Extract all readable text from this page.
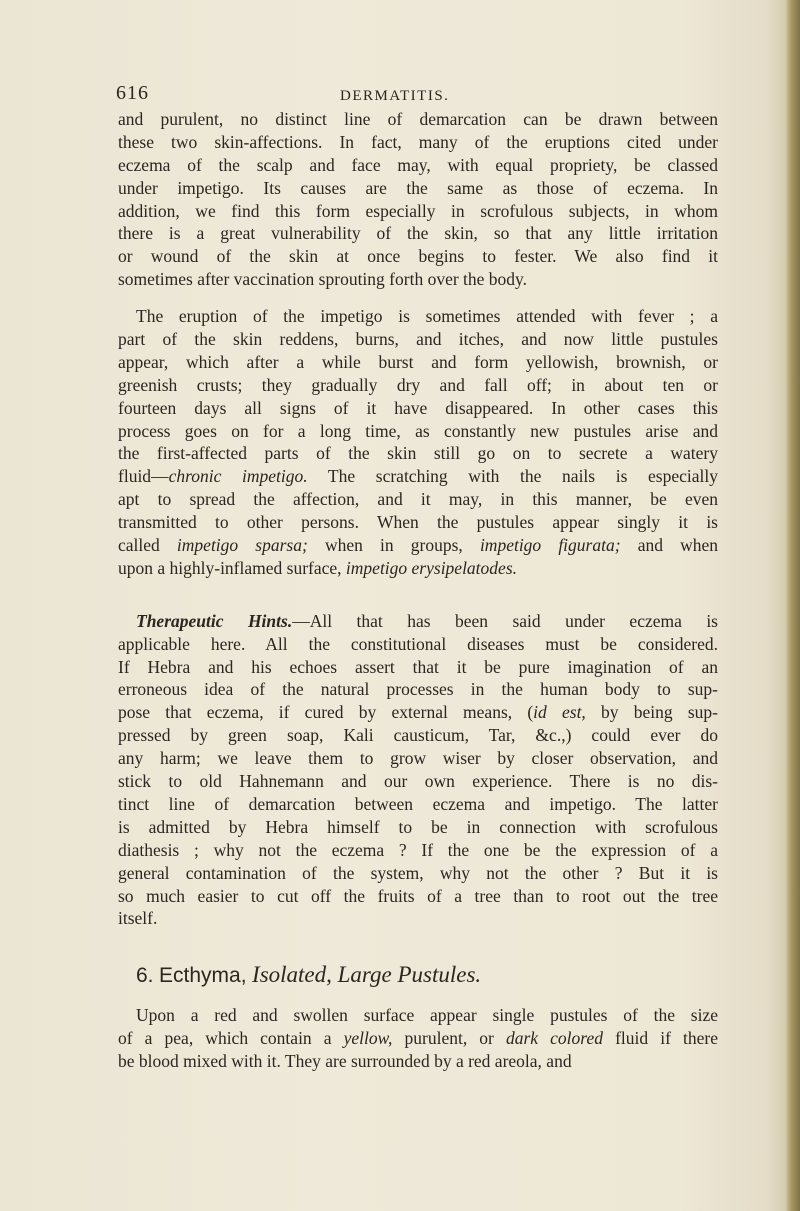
616	DERMATITIS.
and purulent, no distinct line of demarcation can be drawn between
these two skin-affections. In fact, many of the eruptions cited under
eczema of the scalp and face may, with equal propriety, be classed
under impetigo. Its causes are the same as those of eczema. In
addition, we find this form especially in scrofulous subjects, in whom
there is a great vulnerability of the skin, so that any little irritation
or wound of the skin at once begins to fester. We also find it
sometimes after vaccination sprouting forth over the body.
The eruption of the impetigo is sometimes attended with fever ; a
part of the skin reddens, burns, and itches, and now little pustules
appear, which after a while burst and form yellowish, brownish, or
greenish crusts; they gradually dry and fall off; in about ten or
fourteen days all signs of it have disappeared. In other cases this
process goes on for a long time, as constantly new pustules arise and
the first-affected parts of the skin still go on to secrete a watery
fluid—chronic impetigo. The scratching with the nails is especially
apt to spread the affection, and it may, in this manner, be even
transmitted to other persons. When the pustules appear singly it is
called impetigo sparsa; when in groups, impetigo figurata; and when
upon a highly-inflamed surface, impetigo erysipelatodes.
Therapeutic Hints.—All that has been said under eczema is
applicable here. All the constitutional diseases must be considered.
If Hebra and his echoes assert that it be pure imagination of an
erroneous idea of the natural processes in the human body to sup-
pose that eczema, if cured by external means, (id est, by being sup-
pressed by green soap, Kali causticum, Tar, &c.,) could ever do
any harm; we leave them to grow wiser by closer observation, and
stick to old Hahnemann and our own experience. There is no dis-
tinct line of demarcation between eczema and impetigo. The latter
is admitted by Hebra himself to be in connection with scrofulous
diathesis ; why not the eczema ? If the one be the expression of a
general contamination of the system, why not the other ? But it is
so much easier to cut off the fruits of a tree than to root out the tree
itself.
6. Ecthyma, Isolated, Large Pustules.
Upon a red and swollen surface appear single pustules of the size
of a pea, which contain a yellow, purulent, or dark colored fluid if there
be blood mixed with it. They are surrounded by a red areola, and
